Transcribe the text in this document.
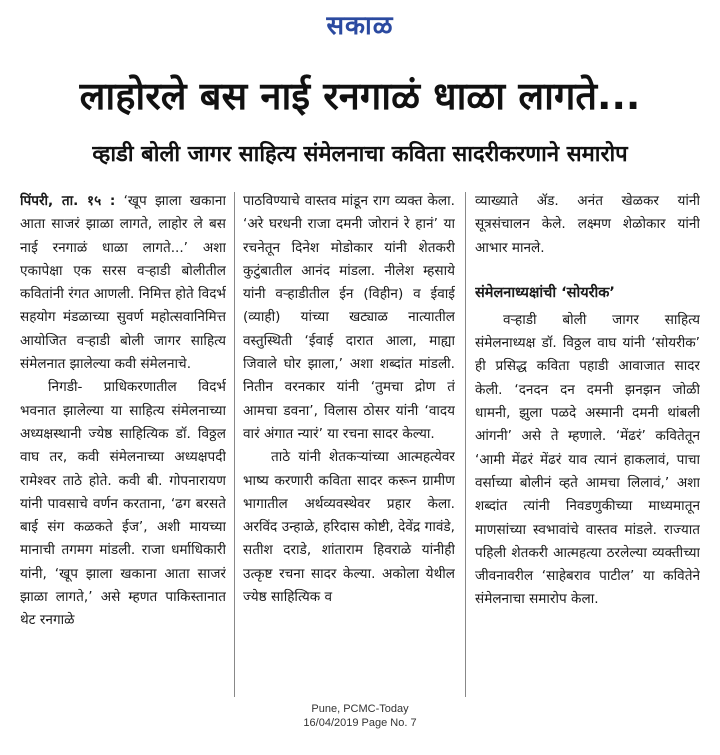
सकाळ
लाहोरले बस नाई रनगाळं धाळा लागते...
व्हाडी बोली जागर साहित्य संमेलनाचा कविता सादरीकरणाने समारोप

पिंपरी, ता. १५ : ‘खूप झाला खकाना आता साजरं झाळा लागते, लाहोर ले बस नाई रनगाळं धाळा लागते...’ अशा एकापेक्षा एक सरस वऱ्हाडी बोलीतील कवितांनी रंगत आणली. निमित्त होते विदर्भ सहयोग मंडळाच्या सुवर्ण महोत्सवानिमित्त आयोजित वऱ्हाडी बोली जागर साहित्य संमेलनात झालेल्या कवी संमेलनाचे.

निगडी- प्राधिकरणातील विदर्भ भवनात झालेल्या या साहित्य संमेलनाच्या अध्यक्षस्थानी ज्येष्ठ साहित्यिक डॉ. विठ्ठल वाघ तर, कवी संमेलनाच्या अध्यक्षपदी रामेश्वर ताठे होते. कवी बी. गोपनारायण यांनी पावसाचे वर्णन करताना, ‘ढग बरसते बाई संग कळकते ईज’, अशी मायच्या मानाची तगमग मांडली. राजा धर्माधिकारी यांनी, ‘खूप झाला खकाना आता साजरं झाळा लागते,’ असे म्हणत पाकिस्तानात थेट रनगाळे

पाठविण्याचे वास्तव मांडून राग व्यक्त केला. ‘अरे घरधनी राजा दमनी जोरानं रे हानं’ या रचनेतून दिनेश मोडोकार यांनी शेतकरी कुटुंबातील आनंद मांडला. नीलेश म्हसाये यांनी वऱ्हाडीतील ईन (विहीन) व ईवाई (व्याही) यांच्या खट्याळ नात्यातील वस्तुस्थिती ‘ईवाई दारात आला, माह्या जिवाले घोर झाला,’ अशा शब्दांत मांडली. नितीन वरनकार यांनी ‘तुमचा द्रोण तं आमचा डवना’, विलास ठोसर यांनी ‘वादय वारं अंगात न्यारं’ या रचना सादर केल्या.

ताठे यांनी शेतकऱ्यांच्या आत्महत्येवर भाष्य करणारी कविता सादर करून ग्रामीण भागातील अर्थव्यवस्थेवर प्रहार केला. अरविंद उन्हाळे, हरिदास कोष्टी, देवेंद्र गावंडे, सतीश दराडे, शांताराम हिवराळे यांनीही उत्कृष्ट रचना सादर केल्या. अकोला येथील ज्येष्ठ साहित्यिक व

व्याख्याते ॲड. अनंत खेळकर यांनी सूत्रसंचालन केले. लक्ष्मण शेळोकार यांनी आभार मानले.

संमेलनाध्यक्षांची ‘सोयरीक’

वऱ्हाडी बोली जागर साहित्य संमेलनाध्यक्ष डॉ. विठ्ठल वाघ यांनी ‘सोयरीक’ ही प्रसिद्ध कविता पहाडी आवाजात सादर केली. ‘दनदन दन दमनी झनझन जोळी धामनी, झुला पळदे अस्मानी दमनी थांबली आंगनी’ असे ते म्हणाले. ‘मेंढरं’ कवितेतून ‘आमी मेंढरं मेंढरं याव त्यानं हाकलावं, पाचा वर्साच्या बोलीनं व्हते आमचा लिलावं,’ अशा शब्दांत त्यांनी निवडणुकीच्या माध्यमातून माणसांच्या स्वभावांचे वास्तव मांडले. राज्यात पहिली शेतकरी आत्महत्या ठरलेल्या व्यक्तीच्या जीवनावरील ‘साहेबराव पाटील’ या कवितेने संमेलनाचा समारोप केला.

Pune, PCMC-Today
16/04/2019 Page No. 7
